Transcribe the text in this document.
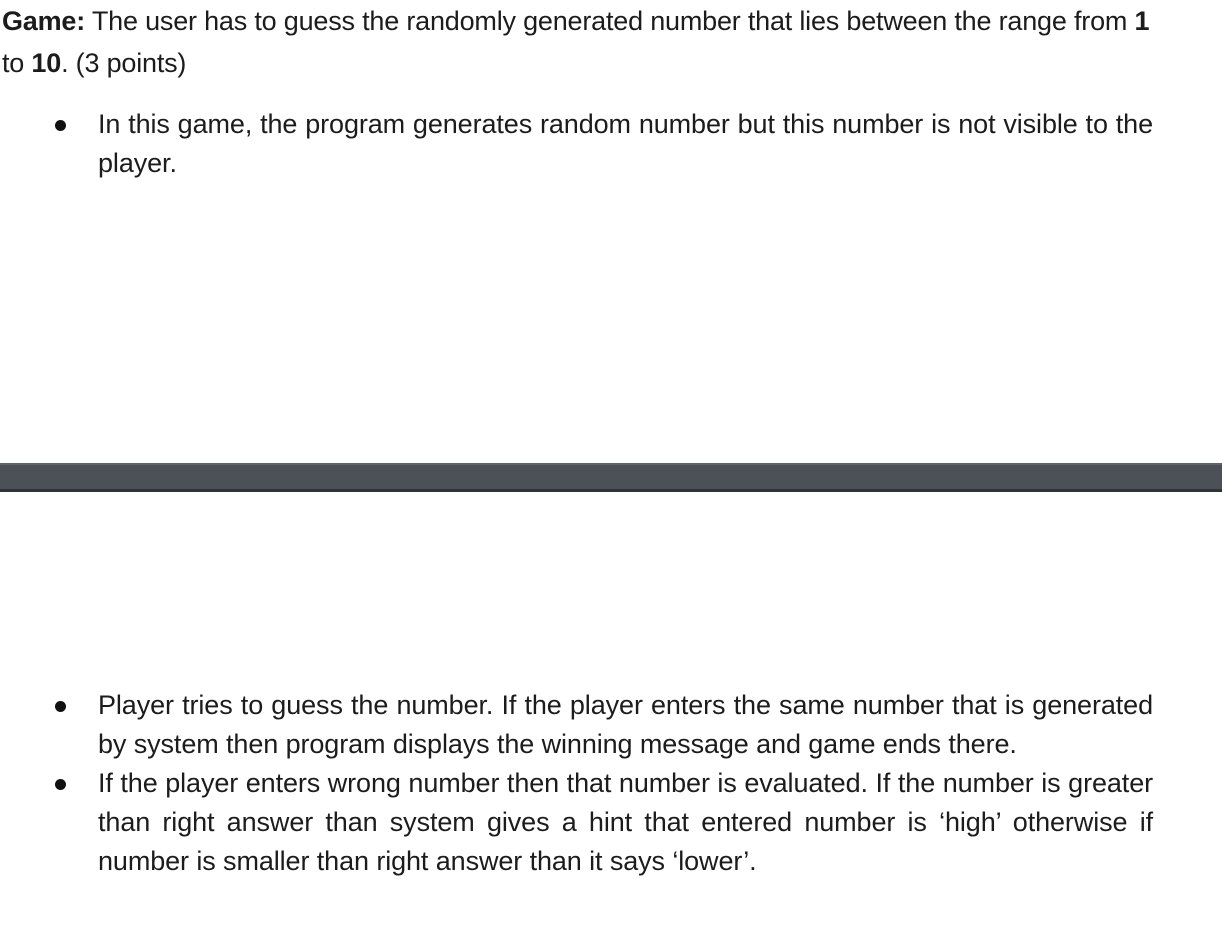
Game: The user has to guess the randomly generated number that lies between the range from 1 to 10. (3 points)
In this game, the program generates random number but this number is not visible to the player.
Player tries to guess the number. If the player enters the same number that is generated by system then program displays the winning message and game ends there.
If the player enters wrong number then that number is evaluated. If the number is greater than right answer than system gives a hint that entered number is ‘high’ otherwise if number is smaller than right answer than it says ‘lower’.
